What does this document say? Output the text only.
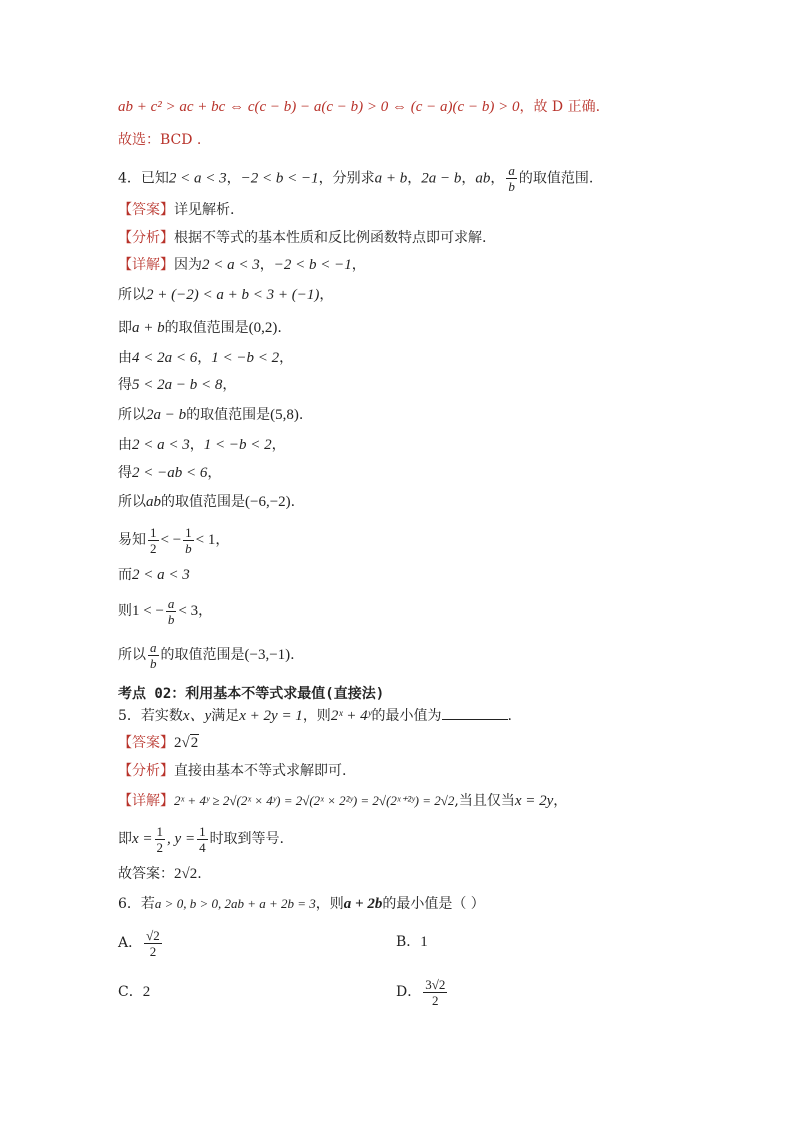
ab + c² > ac + bc ⇔ c(c − b) − a(c − b) > 0 ⇔ (c − a)(c − b) > 0，故 D 正确.
故选：BCD .
4．已知2 < a < 3，−2 < b < −1，分别求a + b，2a − b，ab， $\frac{a}{b}$ 的取值范围.
【答案】详见解析.
【分析】根据不等式的基本性质和反比例函数特点即可求解.
【详解】因为2 < a < 3，−2 < b < −1，
所以2 + (−2) < a + b < 3 + (−1)，
即a + b的取值范围是(0,2).
由4 < 2a < 6，1 < −b < 2，
得5 < 2a − b < 8，
所以2a − b的取值范围是(5,8).
由2 < a < 3，1 < −b < 2，
得2 < −ab < 6，
所以ab的取值范围是(−6,−2).
易知 $\frac{1}{2}$ < − $\frac{1}{b} < 1$，
而2 < a < 3
则1 < − $\frac{a}{b} < 3$，
所以 $\frac{a}{b}$ 的取值范围是(−3,−1).
考点 02：利用基本不等式求最值(直接法)
5．若实数x、y满足x + 2y = 1，则2ˣ + 4ʸ的最小值为	.
【答案】2√2
【分析】直接由基本不等式求解即可.
【详解】2ˣ + 4ʸ ≥ 2√(2ˣ × 4ʸ) = 2√(2ˣ × 2²ʸ) = 2√(2ˣ⁺²ʸ) = 2√2,当且仅当x = 2y，
即$x = \frac{1}{2}$ , $y = \frac{1}{4}$ 时取到等号.
故答案：2√2.
6．若a > 0, b > 0, 2ab + a + 2b = 3，则a + 2b的最小值是（ ）
A． $\frac{√2}{2}$	B．1
C．2	D． $\frac{3√2}{2}$
